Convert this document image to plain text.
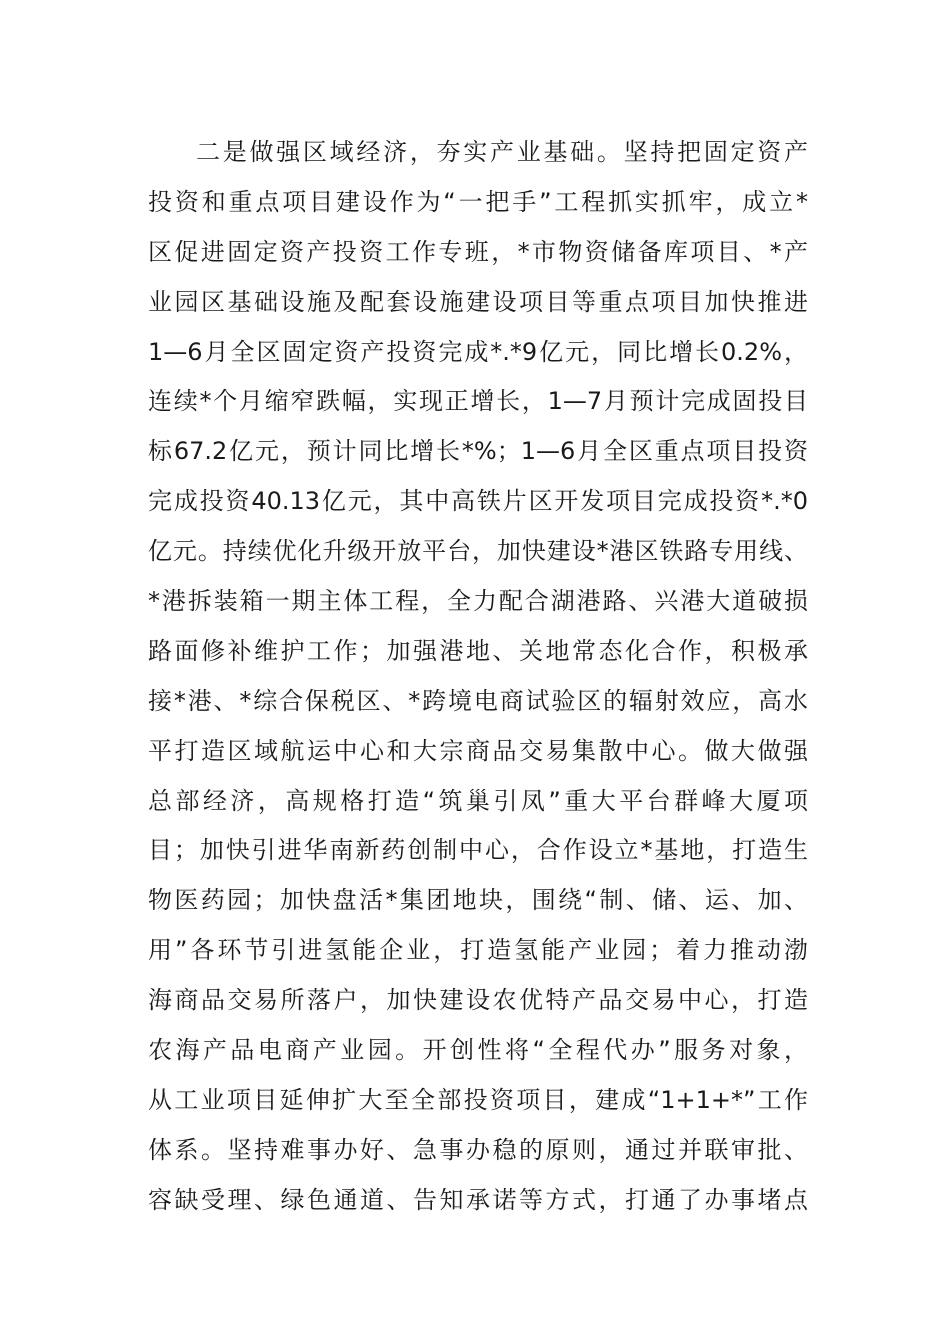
二是做强区域经济，夯实产业基础。坚持把固定资产
投资和重点项目建设作为“一把手”工程抓实抓牢，成立*
区促进固定资产投资工作专班，*市物资储备库项目、*产
业园区基础设施及配套设施建设项目等重点项目加快推进
1—6月全区固定资产投资完成*.*9亿元，同比增长0.2%，
连续*个月缩窄跌幅，实现正增长，1—7月预计完成固投目
标67.2亿元，预计同比增长*%；1—6月全区重点项目投资
完成投资40.13亿元，其中高铁片区开发项目完成投资*.*0
亿元。持续优化升级开放平台，加快建设*港区铁路专用线、
*港拆装箱一期主体工程，全力配合湖港路、兴港大道破损
路面修补维护工作；加强港地、关地常态化合作，积极承
接*港、*综合保税区、*跨境电商试验区的辐射效应，高水
平打造区域航运中心和大宗商品交易集散中心。做大做强
总部经济，高规格打造“筑巢引凤”重大平台群峰大厦项
目；加快引进华南新药创制中心，合作设立*基地，打造生
物医药园；加快盘活*集团地块，围绕“制、储、运、加、
用”各环节引进氢能企业，打造氢能产业园；着力推动渤
海商品交易所落户，加快建设农优特产品交易中心，打造
农海产品电商产业园。开创性将“全程代办”服务对象，
从工业项目延伸扩大至全部投资项目，建成“1+1+*”工作
体系。坚持难事办好、急事办稳的原则，通过并联审批、
容缺受理、绿色通道、告知承诺等方式，打通了办事堵点
